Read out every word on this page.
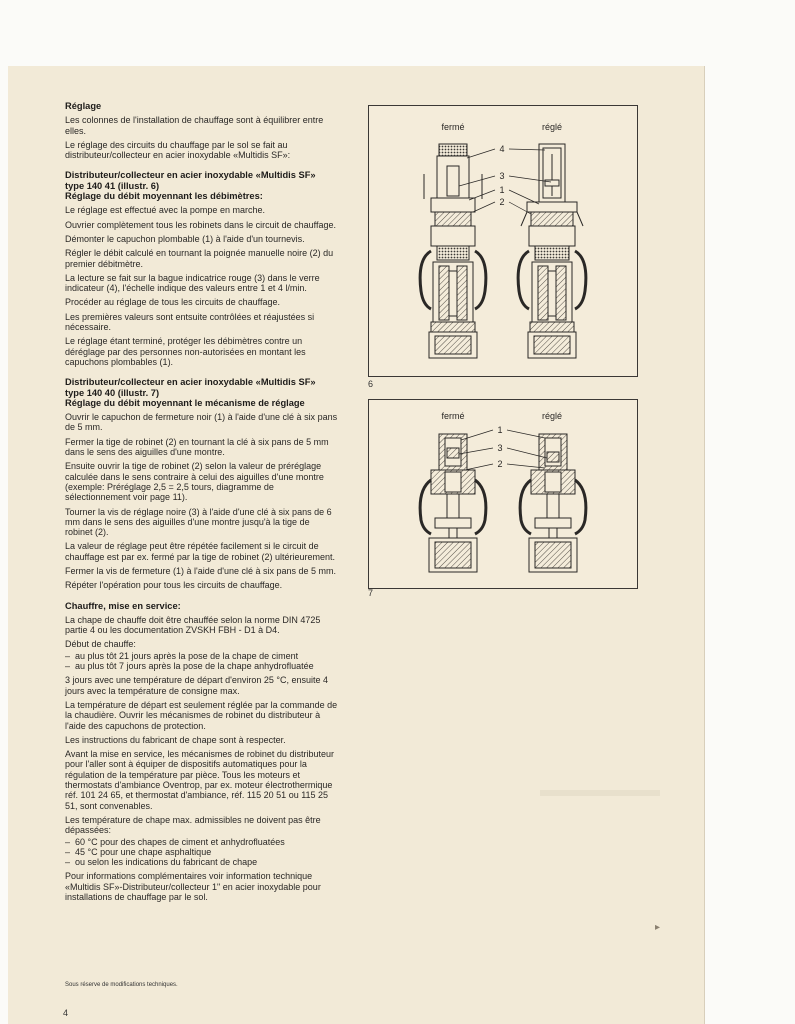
▸
Réglage

Les colonnes de l'installation de chauffage sont à équilibrer entre elles.

Le réglage des circuits du chauffage par le sol se fait au distributeur/collecteur en acier inoxydable «Multidis SF»:

Distributeur/collecteur en acier inoxydable «Multidis SF»
type 140 41 (illustr. 6)
Réglage du débit moyennant les débimètres:

Le réglage est effectué avec la pompe en marche.

Ouvrier complètement tous les robinets dans le circuit de chauffage.

Démonter le capuchon plombable (1) à l'aide d'un tournevis.

Régler le débit calculé en tournant la poignée manuelle noire (2) du premier débitmètre.

La lecture se fait sur la bague indicatrice rouge (3) dans le verre indicateur (4), l'échelle indique des valeurs entre 1 et 4 l/min.

Procéder au réglage de tous les circuits de chauffage.

Les premières valeurs sont entsuite contrôlées et réajustées si nécessaire.

Le réglage étant terminé, protéger les débimètres contre un déréglage par des personnes non-autorisées en montant les capuchons plombables (1).

Distributeur/collecteur en acier inoxydable «Multidis SF»
type 140 40 (illustr. 7)
Réglage du débit moyennant le mécanisme de réglage

Ouvrir le capuchon de fermeture noir (1) à l'aide d'une clé à six pans de 5 mm.

Fermer la tige de robinet (2) en tournant la clé à six pans de 5 mm dans le sens des aiguilles d'une montre.

Ensuite ouvrir la tige de robinet (2) selon la valeur de préréglage calculée dans le sens contraire à celui des aiguilles d'une montre (exemple: Préréglage 2,5 = 2,5 tours, diagramme de sélectionnement voir page 11).

Tourner la vis de réglage noire (3) à l'aide d'une clé à six pans de 6 mm dans le sens des aiguilles d'une montre jusqu'à la tige de robinet (2).

La valeur de réglage peut être répétée facilement si le circuit de chauffage est par ex. fermé par la tige de robinet (2) ultérieurement.

Fermer la vis de fermeture (1) à l'aide d'une clé à six pans de 5 mm.

Répéter l'opération pour tous les circuits de chauffage.

Chauffre, mise en service:

La chape de chauffe doit être chauffée selon la norme DIN 4725 partie 4 ou les documentation ZVSKH FBH - D1 à D4.

Début de chauffe:

– au plus tôt 21 jours après la pose de la chape de ciment
– au plus tôt 7 jours après la pose de la chape anhydrofluatée

3 jours avec une température de départ d'environ 25 °C, ensuite 4 jours avec la température de consigne max.

La température de départ est seulement réglée par la commande de la chaudière. Ouvrir les mécanismes de robinet du distributeur à l'aide des capuchons de protection.

Les instructions du fabricant de chape sont à respecter.

Avant la mise en service, les mécanismes de robinet du distributeur pour l'aller sont à équiper de dispositifs automatiques pour la régulation de la température par pièce. Tous les moteurs et thermostats d'ambiance Oventrop, par ex. moteur électrothermique réf. 101 24 65, et thermostat d'ambiance, réf. 115 20 51 ou 115 25 51, sont convenables.

Les température de chape max. admissibles ne doivent pas être dépassées:

– 60 °C pour des chapes de ciment et anhydrofluatées
– 45 °C pour une chape asphaltique
– ou selon les indications du fabricant de chape

Pour informations complémentaires voir information technique «Multidis SF»-Distributeur/collecteur 1" en acier inoxydable pour installations de chauffage par le sol.

Sous réserve de modifications techniques.
4
fermé	réglé
4
3
1
2
6
fermé	réglé
1
3
2
7
